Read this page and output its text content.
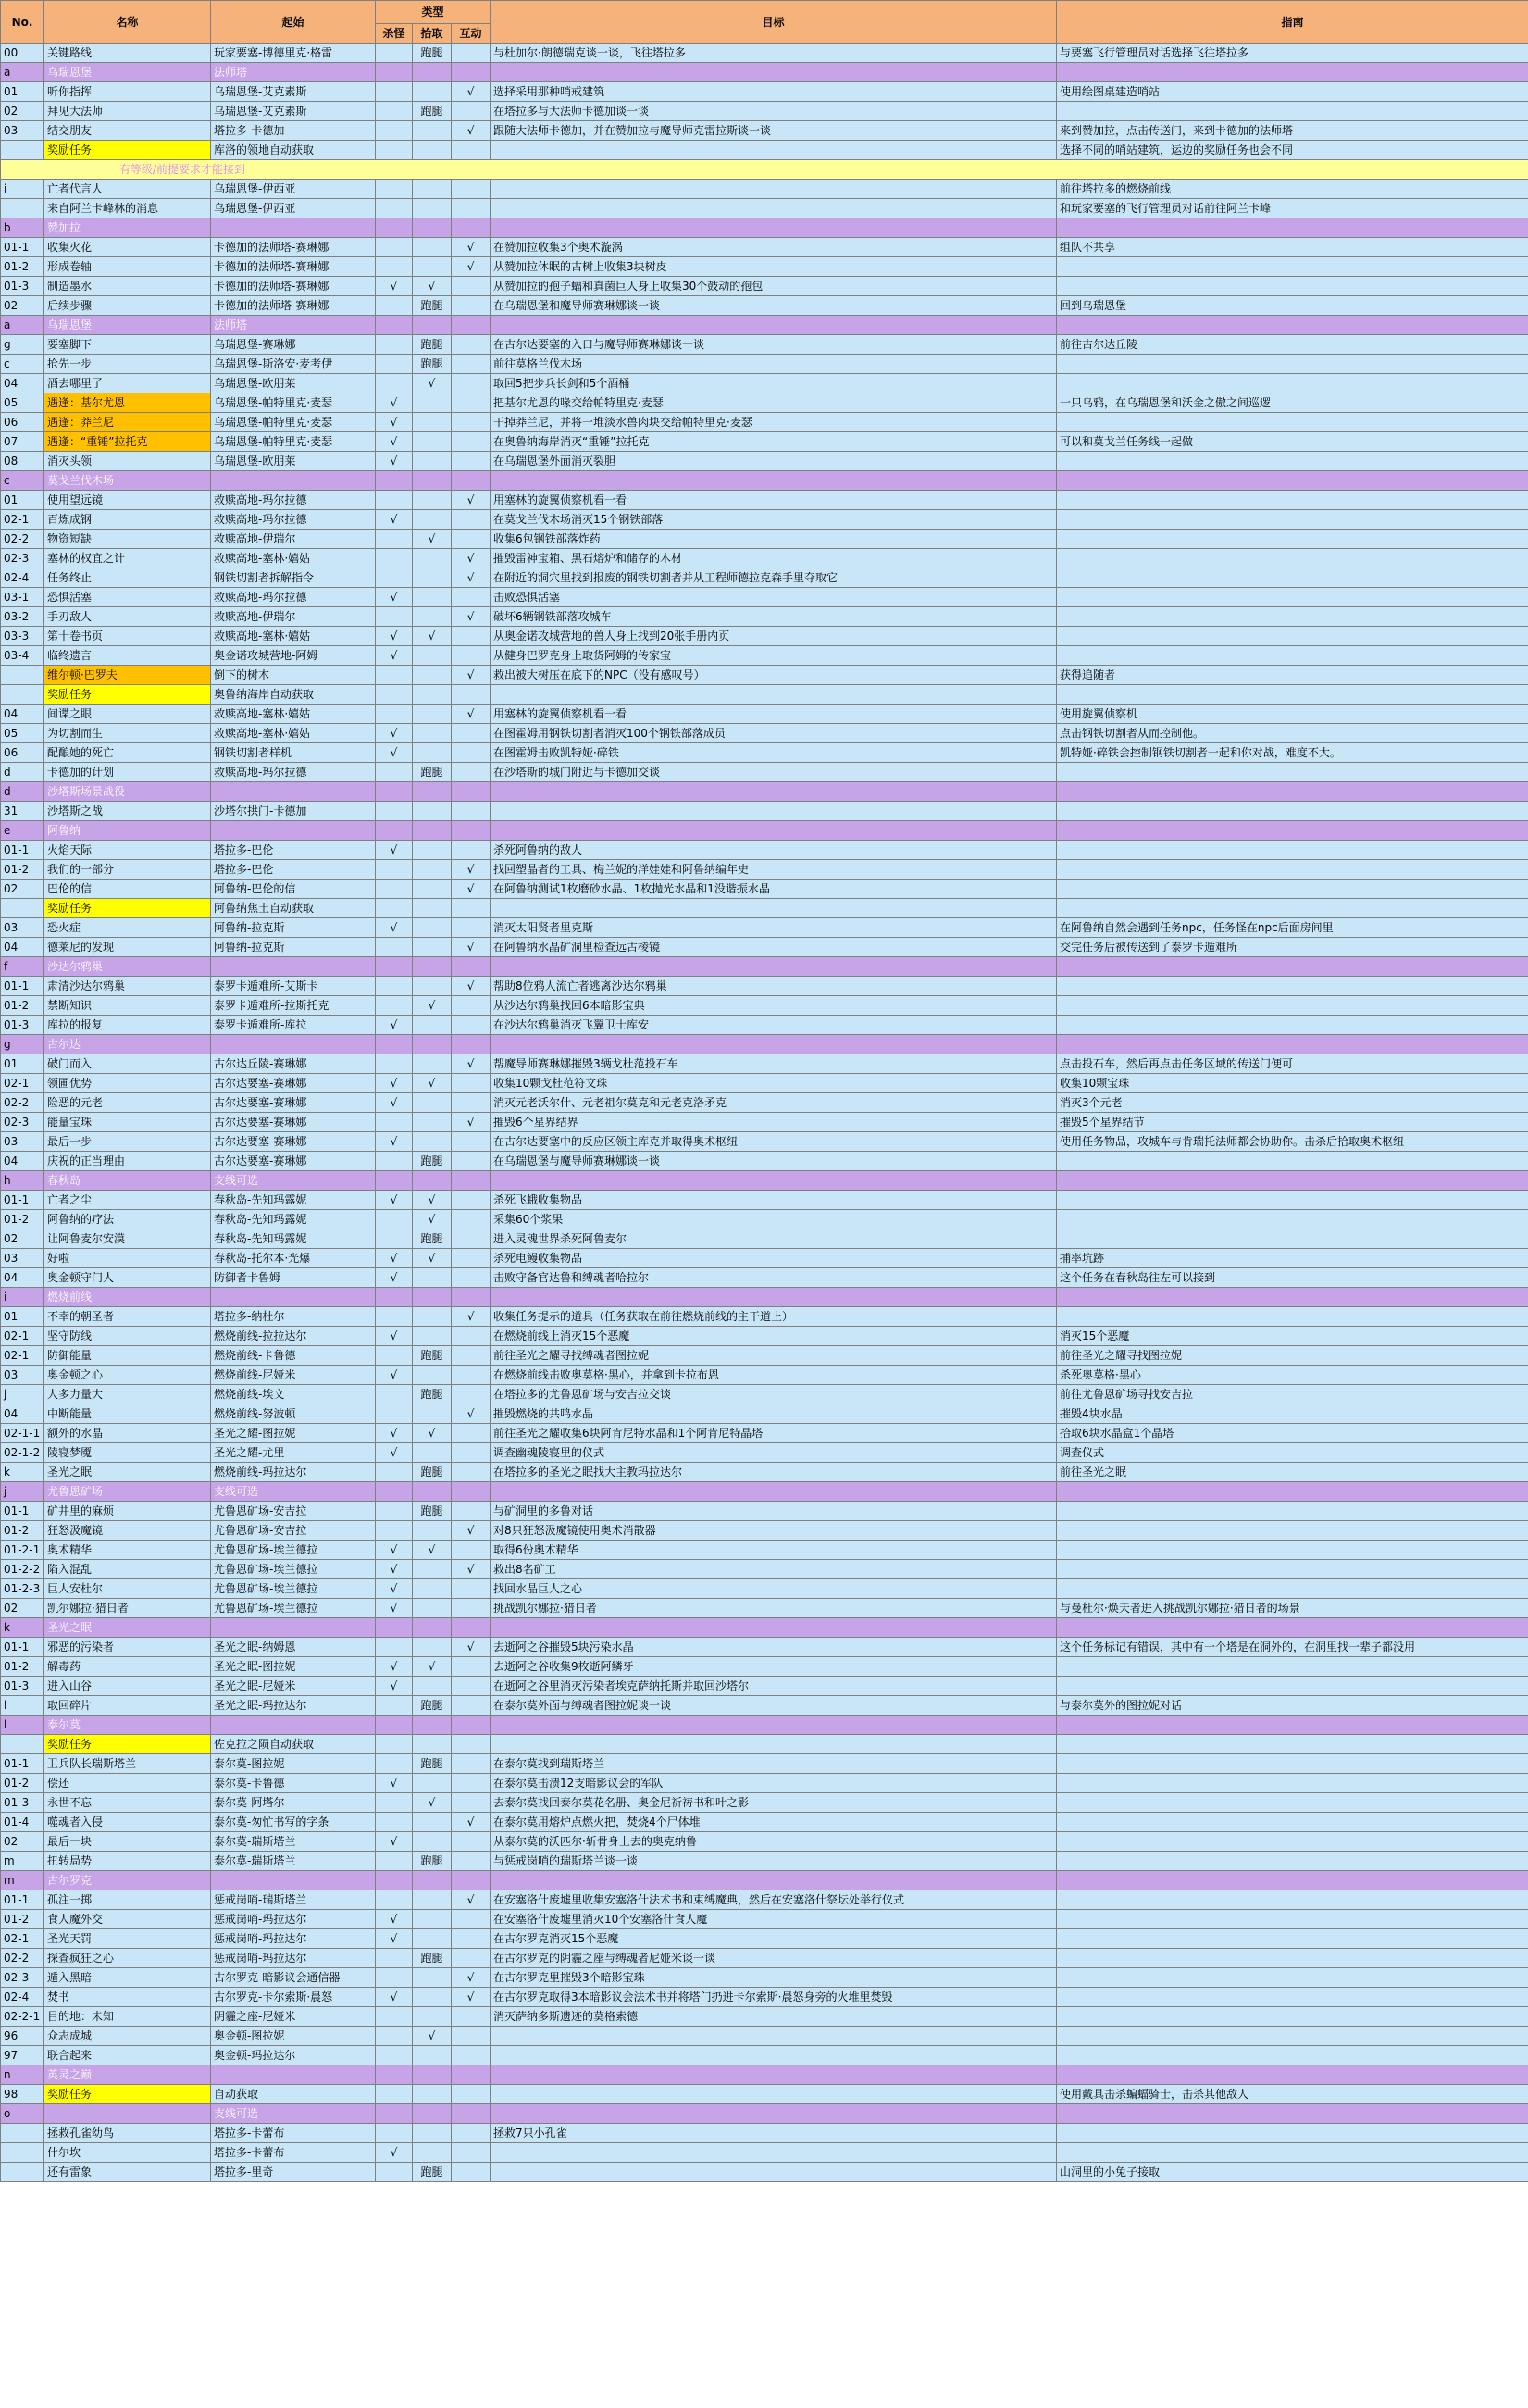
No.	名称	起始	类型			目标	指南
			杀怪	拾取	互动		
00	关键路线	玩家要塞-博德里克·格雷		跑腿		与杜加尔·朗德瑞克谈一谈，飞往塔拉多	与要塞飞行管理员对话选择飞往塔拉多
a	乌瑞恩堡	法师塔					
01	听你指挥	乌瑞恩堡-艾克素斯			√	选择采用那种哨戒建筑	使用绘图桌建造哨站
02	拜见大法师	乌瑞恩堡-艾克素斯		跑腿		在塔拉多与大法师卡德加谈一谈	
03	结交朋友	塔拉多-卡德加			√	跟随大法师卡德加，并在赞加拉与魔导师克雷拉斯谈一谈	来到赞加拉，点击传送门，来到卡德加的法师塔
	奖励任务	库洛的领地自动获取					选择不同的哨站建筑，运边的奖励任务也会不同
有等级/前提要求才能接到							
i	亡者代言人	乌瑞恩堡-伊西亚					前往塔拉多的燃烧前线
	来自阿兰卡峰林的消息	乌瑞恩堡-伊西亚					和玩家要塞的飞行管理员对话前往阿兰卡峰
b	赞加拉						
01-1	收集火花	卡德加的法师塔-赛琳娜			√	在赞加拉收集3个奥术漩涡	组队不共享
01-2	形成卷轴	卡德加的法师塔-赛琳娜			√	从赞加拉休眠的古树上收集3块树皮	
01-3	制造墨水	卡德加的法师塔-赛琳娜	√	√		从赞加拉的孢子蝠和真菌巨人身上收集30个鼓动的孢包	
02	后续步骤	卡德加的法师塔-赛琳娜		跑腿		在乌瑞恩堡和魔导师赛琳娜谈一谈	回到乌瑞恩堡
a	乌瑞恩堡	法师塔					
g	要塞脚下	乌瑞恩堡-赛琳娜		跑腿		在古尔达要塞的入口与魔导师赛琳娜谈一谈	前往古尔达丘陵
c	抢先一步	乌瑞恩堡-斯洛安·麦考伊		跑腿		前往莫格兰伐木场	
04	酒去哪里了	乌瑞恩堡-欧朋莱		√		取回5把步兵长剑和5个酒桶	
05	遇逢：基尔尤恩	乌瑞恩堡-帕特里克·麦瑟	√			把基尔尤恩的喙交给帕特里克·麦瑟	一只乌鸦，在乌瑞恩堡和沃金之傲之间巡逻
06	遇逢：莽兰尼	乌瑞恩堡-帕特里克·麦瑟	√			干掉莽兰尼，并将一堆淡水兽肉块交给帕特里克·麦瑟	
07	遇逢：“重锤”拉托克	乌瑞恩堡-帕特里克·麦瑟	√			在奥鲁纳海岸消灭“重锤”拉托克	可以和莫戈兰任务线一起做
08	消灭头领	乌瑞恩堡-欧朋莱	√			在乌瑞恩堡外面消灭裂胆	
c	莫戈兰伐木场						
01	使用望远镜	救赎高地-玛尔拉德			√	用塞林的旋翼侦察机看一看	
02-1	百炼成钢	救赎高地-玛尔拉德	√			在莫戈兰伐木场消灭15个钢铁部落	
02-2	物资短缺	救赎高地-伊瑞尔		√		收集6包钢铁部落炸药	
02-3	塞林的权宜之计	救赎高地-塞林·嬉姑			√	摧毁雷神宝箱、黑石熔炉和储存的木材	
02-4	任务终止	钢铁切割者拆解指令			√	在附近的洞穴里找到报废的钢铁切割者并从工程师德拉克森手里夺取它	
03-1	恐惧活塞	救赎高地-玛尔拉德	√			击败恐惧活塞	
03-2	手刃敌人	救赎高地-伊瑞尔			√	破坏6辆钢铁部落攻城车	
03-3	第十卷书页	救赎高地-塞林·嬉姑	√	√		从奥金诺攻城营地的兽人身上找到20张手册内页	
03-4	临终遗言	奥金诺攻城营地-阿姆	√			从健身巴罗克身上取货阿姆的传家宝	
	维尔顿·巴罗夫	倒下的树木			√	救出被大树压在底下的NPC（没有感叹号）	获得追随者
	奖励任务	奥鲁纳海岸自动获取					
04	间谍之眼	救赎高地-塞林·嬉姑			√	用塞林的旋翼侦察机看一看	使用旋翼侦察机
05	为切割而生	救赎高地-塞林·嬉姑	√			在图霍姆用钢铁切割者消灭100个钢铁部落成员	点击钢铁切割者从而控制他。
06	配酿她的死亡	钢铁切割者样机	√			在图霍姆击败凯特娅·碎铁	凯特娅·碎铁会控制钢铁切割者一起和你对战，难度不大。
d	卡德加的计划	救赎高地-玛尔拉德		跑腿		在沙塔斯的城门附近与卡德加交谈	
d	沙塔斯场景战役						
31	沙塔斯之战	沙塔尔拱门-卡德加					
e	阿鲁纳						
01-1	火焰天际	塔拉多-巴伦	√			杀死阿鲁纳的敌人	
01-2	我们的一部分	塔拉多-巴伦			√	找回塑晶者的工具、梅兰妮的洋娃娃和阿鲁纳编年史	
02	巴伦的信	阿鲁纳-巴伦的信			√	在阿鲁纳测试1枚磨砂水晶、1枚抛光水晶和1没谐振水晶	
	奖励任务	阿鲁纳焦土自动获取					
03	恐火症	阿鲁纳-拉克斯	√			消灭太阳贤者里克斯	在阿鲁纳自然会遇到任务npc，任务怪在npc后面房间里
04	德莱尼的发现	阿鲁纳-拉克斯			√	在阿鲁纳水晶矿洞里检查远古棱镜	交完任务后被传送到了泰罗卡遁难所
f	沙达尔鸦巢						
01-1	肃清沙达尔鸦巢	泰罗卡遁难所-艾斯卡			√	帮助8位鸦人流亡者逃离沙达尔鸦巢	
01-2	禁断知识	泰罗卡遁难所-拉斯托克		√		从沙达尔鸦巢找回6本暗影宝典	
01-3	库拉的报复	泰罗卡遁难所-库拉	√			在沙达尔鸦巢消灭飞翼卫士库安	
g	古尔达						
01	破门而入	古尔达丘陵-赛琳娜			√	帮魔导师赛琳娜摧毁3辆戈杜范投石车	点击投石车，然后再点击任务区域的传送门便可
02-1	领圃优势	古尔达要塞-赛琳娜	√	√		收集10颗戈杜范符文珠	收集10颗宝珠
02-2	险恶的元老	古尔达要塞-赛琳娜	√			消灭元老沃尔什、元老祖尔莫克和元老克洛矛克	消灭3个元老
02-3	能量宝珠	古尔达要塞-赛琳娜			√	摧毁6个星界结界	摧毁5个星界结节
03	最后一步	古尔达要塞-赛琳娜	√			在古尔达要塞中的反应区领主库克并取得奥术枢纽	使用任务物品，攻城车与肯瑞托法师都会协助你。击杀后拾取奥术枢纽
04	庆祝的正当理由	古尔达要塞-赛琳娜		跑腿		在乌瑞恩堡与魔导师赛琳娜谈一谈	
h	春秋岛	支线可选					
01-1	亡者之尘	春秋岛-先知玛露妮	√	√		杀死飞蛾收集物品	
01-2	阿鲁纳的疗法	春秋岛-先知玛露妮		√		采集60个浆果	
02	让阿鲁麦尔安漠	春秋岛-先知玛露妮		跑腿		进入灵魂世界杀死阿鲁麦尔	
03	好啦	春秋岛-托尔本·光爆	√	√		杀死电鳗收集物品	捕率坑跡
04	奥金顿守门人	防御者卡鲁姆	√			击败守备官达鲁和缚魂者哈拉尔	这个任务在春秋岛往左可以接到
i	燃烧前线						
01	不幸的朝圣者	塔拉多-纳杜尔			√	收集任务提示的道具（任务获取在前往燃烧前线的主干道上）	
02-1	坚守防线	燃烧前线-拉拉达尔	√			在燃烧前线上消灭15个恶魔	消灭15个恶魔
02-1	防御能量	燃烧前线-卡鲁德		跑腿		前往圣光之耀寻找缚魂者图拉妮	前往圣光之耀寻找图拉妮
03	奥金顿之心	燃烧前线-尼娅米	√			在燃烧前线击败奥莫格·黑心，并拿到卡拉布恩	杀死奥莫格·黑心
j	人多力量大	燃烧前线-埃文		跑腿		在塔拉多的尤鲁恩矿场与安吉拉交谈	前往尤鲁恩矿场寻找安吉拉
04	中断能量	燃烧前线-努波顿			√	摧毁燃烧的共鸣水晶	摧毁4块水晶
02-1-1	额外的水晶	圣光之耀-图拉妮	√	√		前往圣光之耀收集6块阿肯尼特水晶和1个阿肯尼特晶塔	拾取6块水晶盒1个晶塔
02-1-2	陵寝梦魇	圣光之耀-尤里	√			调查幽魂陵寝里的仪式	调查仪式
k	圣光之眠	燃烧前线-玛拉达尔		跑腿		在塔拉多的圣光之眠找大主教玛拉达尔	前往圣光之眠
j	尤鲁恩矿场	支线可选					
01-1	矿井里的麻烦	尤鲁恩矿场-安吉拉		跑腿		与矿洞里的多鲁对话	
01-2	狂怒汲魔镜	尤鲁恩矿场-安吉拉			√	对8只狂怒汲魔镜使用奥术消散器	
01-2-1	奥术精华	尤鲁恩矿场-埃兰德拉	√	√		取得6份奥术精华	
01-2-2	陷入混乱	尤鲁恩矿场-埃兰德拉	√		√	救出8名矿工	
01-2-3	巨人安杜尔	尤鲁恩矿场-埃兰德拉	√			找回水晶巨人之心	
02	凯尔娜拉·猎日者	尤鲁恩矿场-埃兰德拉	√			挑战凯尔娜拉·猎日者	与曼杜尔·焕天者进入挑战凯尔娜拉·猎日者的场景
k	圣光之眠						
01-1	邪恶的污染者	圣光之眠-纳姆恩			√	去逝阿之谷摧毁5块污染水晶	这个任务标记有错误，其中有一个塔是在洞外的，在洞里找一辈子都没用
01-2	解毒药	圣光之眠-图拉妮	√	√		去逝阿之谷收集9枚逝阿鳞牙	
01-3	进入山谷	圣光之眠-尼娅米	√			在逝阿之谷里消灭污染者埃克萨纳托斯并取回沙塔尔	
l	取回碎片	圣光之眠-玛拉达尔		跑腿		在泰尔莫外面与缚魂者图拉妮谈一谈	与泰尔莫外的图拉妮对话
l	泰尔莫						
	奖励任务	佐克拉之陨自动获取					
01-1	卫兵队长瑞斯塔兰	泰尔莫-图拉妮		跑腿		在泰尔莫找到瑞斯塔兰	
01-2	偿还	泰尔莫-卡鲁德	√			在泰尔莫击溃12支暗影议会的军队	
01-3	永世不忘	泰尔莫-阿塔尔		√		去泰尔莫找回泰尔莫花名册、奥金尼祈祷书和叶之影	
01-4	噬魂者入侵	泰尔莫-匆忙书写的字条			√	在泰尔莫用熔炉点燃火把，焚烧4个尸体堆	
02	最后一块	泰尔莫-瑞斯塔兰	√			从泰尔莫的沃匹尔·斩骨身上去的奥克纳鲁	
m	扭转局势	泰尔莫-瑞斯塔兰		跑腿		与惩戒岗哨的瑞斯塔兰谈一谈	
m	古尔罗克						
01-1	孤注一掷	惩戒岗哨-瑞斯塔兰			√	在安塞洛什废墟里收集安塞洛什法术书和束缚魔典，然后在安塞洛什祭坛处举行仪式	
01-2	食人魔外交	惩戒岗哨-玛拉达尔	√			在安塞洛什废墟里消灭10个安塞洛什食人魔	
02-1	圣光天罚	惩戒岗哨-玛拉达尔	√			在古尔罗克消灭15个恶魔	
02-2	探查疯狂之心	惩戒岗哨-玛拉达尔		跑腿		在古尔罗克的阴霾之座与缚魂者尼娅米谈一谈	
02-3	遁入黑暗	古尔罗克-暗影议会通信器			√	在古尔罗克里摧毁3个暗影宝珠	
02-4	焚书	古尔罗克-卡尔索斯·晨怒	√		√	在古尔罗克取得3本暗影议会法术书并将塔门扔进卡尔索斯·晨怒身旁的火堆里焚毁	
02-2-1	目的地：未知	阴霾之座-尼娅米				消灭萨纳多斯遗迹的莫格索德	
96	众志成城	奥金顿-图拉妮		√			
97	联合起来	奥金顿-玛拉达尔					
n	英灵之巅						
98	奖励任务	自动获取					使用戴具击杀蝙蝠骑士，击杀其他敌人
o		支线可选					
	拯救孔雀幼鸟	塔拉多-卡蕾布				拯救7只小孔雀	
	什尔坎	塔拉多-卡蕾布	√				
	还有雷象	塔拉多-里奇		跑腿			山洞里的小兔子接取
